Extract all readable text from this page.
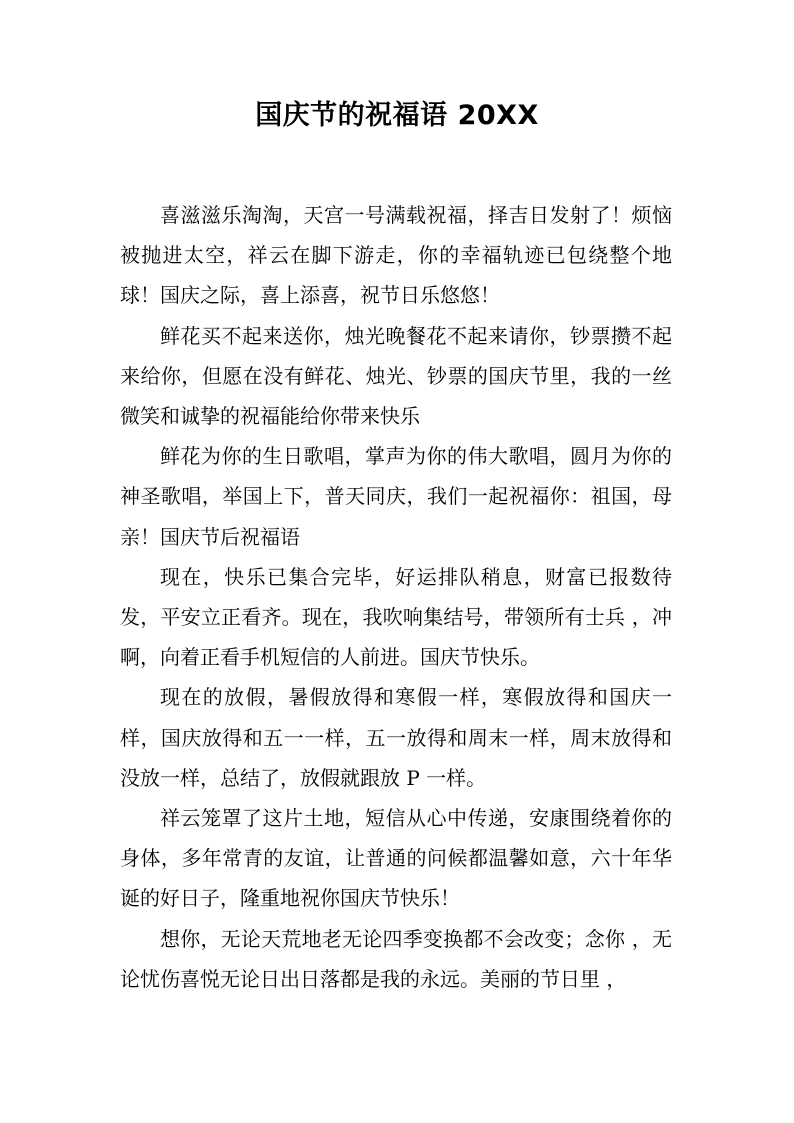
国庆节的祝福语 20XX

喜滋滋乐淘淘，天宫一号满载祝福，择吉日发射了！烦恼被抛进太空，祥云在脚下游走，你的幸福轨迹已包绕整个地球！国庆之际，喜上添喜，祝节日乐悠悠！

鲜花买不起来送你，烛光晚餐花不起来请你，钞票攒不起来给你，但愿在没有鲜花、烛光、钞票的国庆节里，我的一丝微笑和诚挚的祝福能给你带来快乐

鲜花为你的生日歌唱，掌声为你的伟大歌唱，圆月为你的神圣歌唱，举国上下，普天同庆，我们一起祝福你：祖国，母亲！国庆节后祝福语

现在，快乐已集合完毕，好运排队稍息，财富已报数待发，平安立正看齐。现在，我吹响集结号，带领所有士兵 ，冲啊，向着正看手机短信的人前进。国庆节快乐。

现在的放假，暑假放得和寒假一样，寒假放得和国庆一样，国庆放得和五一一样，五一放得和周末一样，周末放得和没放一样，总结了，放假就跟放 P 一样。

祥云笼罩了这片土地，短信从心中传递，安康围绕着你的身体，多年常青的友谊，让普通的问候都温馨如意，六十年华诞的好日子，隆重地祝你国庆节快乐！

想你，无论天荒地老无论四季变换都不会改变；念你 ，无论忧伤喜悦无论日出日落都是我的永远。美丽的节日里 ，
